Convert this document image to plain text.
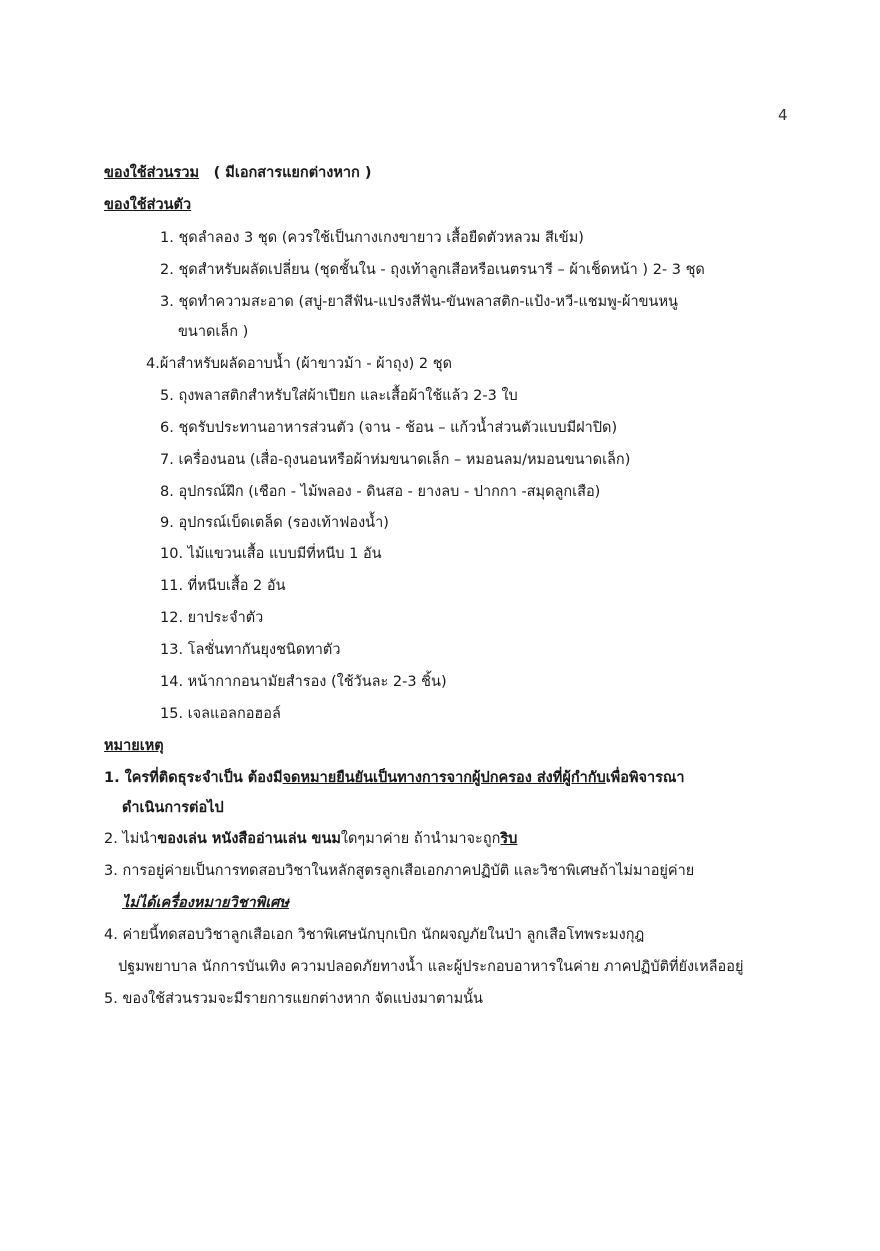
4
ของใช้ส่วนรวม ( มีเอกสารแยกต่างหาก )
ของใช้ส่วนตัว
1. ชุดลำลอง 3 ชุด (ควรใช้เป็นกางเกงขายาว เสื้อยืดตัวหลวม สีเข้ม)
2. ชุดสำหรับผลัดเปลี่ยน (ชุดชั้นใน - ถุงเท้าลูกเสือหรือเนตรนารี – ผ้าเช็ดหน้า ) 2- 3 ชุด
3. ชุดทำความสะอาด (สบู่-ยาสีฟัน-แปรงสีฟัน-ขันพลาสติก-แป้ง-หวี-แชมพู-ผ้าขนหนู
ขนาดเล็ก )
4.ผ้าสำหรับผลัดอาบน้ำ (ผ้าขาวม้า - ผ้าถุง) 2 ชุด
5. ถุงพลาสติกสำหรับใส่ผ้าเปียก และเสื้อผ้าใช้แล้ว 2-3 ใบ
6. ชุดรับประทานอาหารส่วนตัว (จาน - ช้อน – แก้วน้ำส่วนตัวแบบมีฝาปิด)
7. เครื่องนอน (เสื่อ-ถุงนอนหรือผ้าห่มขนาดเล็ก – หมอนลม/หมอนขนาดเล็ก)
8. อุปกรณ์ฝึก (เชือก - ไม้พลอง - ดินสอ - ยางลบ - ปากกา -สมุดลูกเสือ)
9. อุปกรณ์เบ็ดเตล็ด (รองเท้าฟองน้ำ)
10. ไม้แขวนเสื้อ แบบมีที่หนีบ 1 อัน
11. ที่หนีบเสื้อ 2 อัน
12. ยาประจำตัว
13. โลชั่นทากันยุงชนิดทาตัว
14. หน้ากากอนามัยสำรอง (ใช้วันละ 2-3 ชิ้น)
15. เจลแอลกอฮอล์
หมายเหตุ
1. ใครที่ติดธุระจำเป็น ต้องมีจดหมายยืนยันเป็นทางการจากผู้ปกครอง ส่งที่ผู้กำกับเพื่อพิจารณา
ดำเนินการต่อไป
2. ไม่นำของเล่น หนังสืออ่านเล่น ขนมใดๆมาค่าย ถ้านำมาจะถูกริบ
3. การอยู่ค่ายเป็นการทดสอบวิชาในหลักสูตรลูกเสือเอกภาคปฏิบัติ และวิชาพิเศษถ้าไม่มาอยู่ค่าย
ไม่ได้เครื่องหมายวิชาพิเศษ
4. ค่ายนี้ทดสอบวิชาลูกเสือเอก วิชาพิเศษนักบุกเบิก นักผจญภัยในป่า ลูกเสือโทพระมงกุฎ
ปฐมพยาบาล นักการบันเทิง ความปลอดภัยทางน้ำ และผู้ประกอบอาหารในค่าย ภาคปฏิบัติที่ยังเหลืออยู่
5. ของใช้ส่วนรวมจะมีรายการแยกต่างหาก จัดแบ่งมาตามนั้น
